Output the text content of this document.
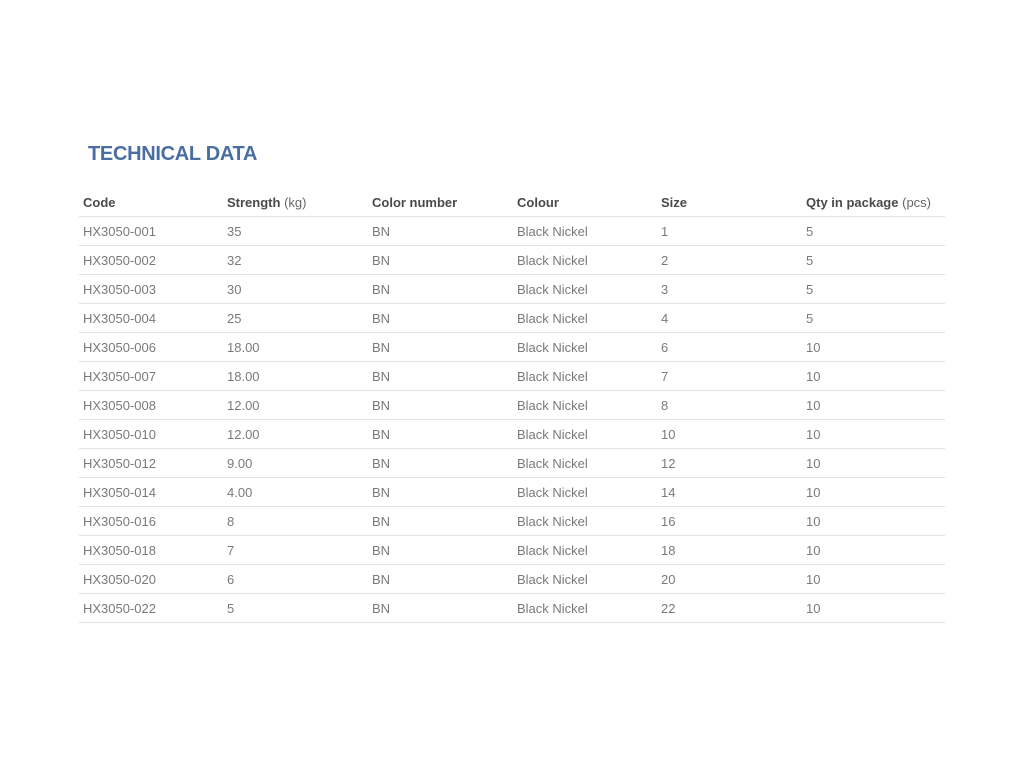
TECHNICAL DATA
Code	Strength (kg)	Color number	Colour	Size	Qty in package (pcs)
HX3050-001	35	BN	Black Nickel	1	5
HX3050-002	32	BN	Black Nickel	2	5
HX3050-003	30	BN	Black Nickel	3	5
HX3050-004	25	BN	Black Nickel	4	5
HX3050-006	18.00	BN	Black Nickel	6	10
HX3050-007	18.00	BN	Black Nickel	7	10
HX3050-008	12.00	BN	Black Nickel	8	10
HX3050-010	12.00	BN	Black Nickel	10	10
HX3050-012	9.00	BN	Black Nickel	12	10
HX3050-014	4.00	BN	Black Nickel	14	10
HX3050-016	8	BN	Black Nickel	16	10
HX3050-018	7	BN	Black Nickel	18	10
HX3050-020	6	BN	Black Nickel	20	10
HX3050-022	5	BN	Black Nickel	22	10
